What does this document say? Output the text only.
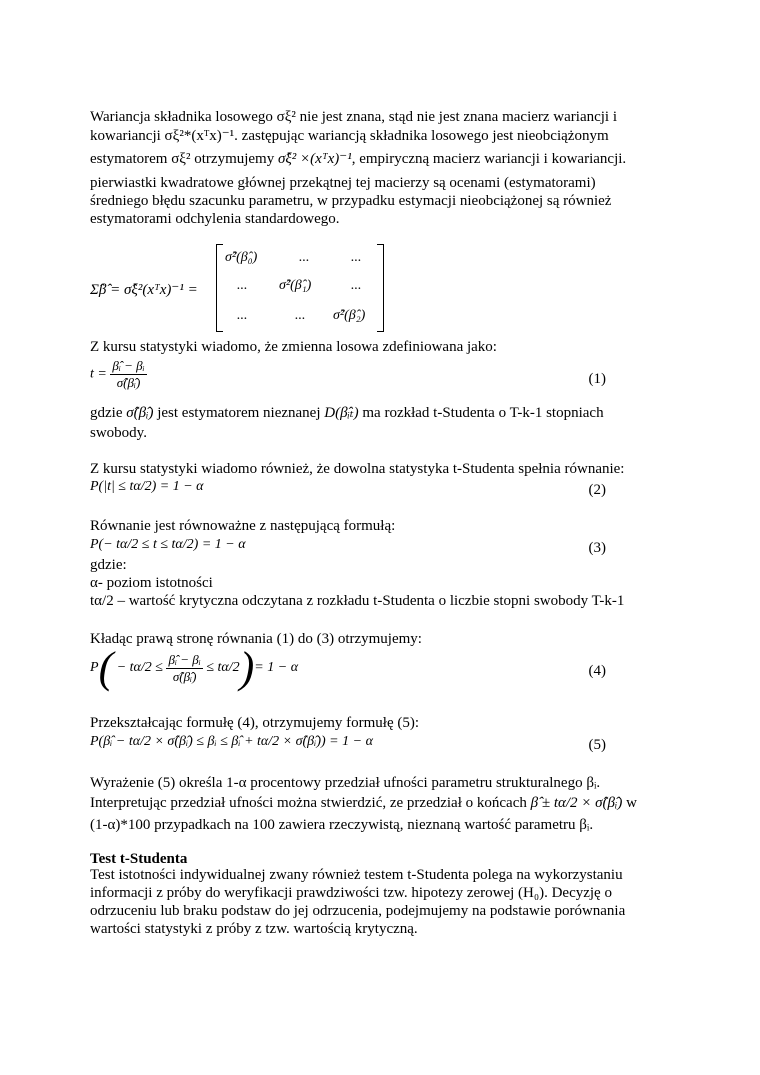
Wariancja składnika losowego σξ² nie jest znana, stąd nie jest znana macierz wariancji i
kowariancji σξ²*(xᵀx)⁻¹. zastępując wariancją składnika losowego jest nieobciążonym
estymatorem σξ² otrzymujemy σ̂ξ² ×(xᵀx)⁻¹, empiryczną macierz wariancji i kowariancji.
pierwiastki kwadratowe głównej przekątnej tej macierzy są ocenami (estymatorami)
średniego błędu szacunku parametru, w przypadku estymacji nieobciążonej są również
estymatorami odchylenia standardowego.
Σ̂β̂ = σ̂ξ²(xᵀx)⁻¹ =
σ̂²(β̂₀)	...	...
... σ̂²(β̂₁)	...
...	... σ̂²(β̂₂)
Z kursu statystyki wiadomo, że zmienna losowa zdefiniowana jako:
$t = \frac{\text{β̂ᵢ − βᵢ}}{\text{σ̂(β̂ᵢ)}}$	(1)
gdzie σ̂(β̂ᵢ) jest estymatorem nieznanej D(β̂ᵢₜ) ma rozkład t-Studenta o T-k-1 stopniach
swobody.
Z kursu statystyki wiadomo również, że dowolna statystyka t-Studenta spełnia równanie:
P(|t| ≤ tα/2) = 1 − α	(2)
Równanie jest równoważne z następującą formułą:
P(− tα/2 ≤ t ≤ tα/2) = 1 − α	(3)
gdzie:
α- poziom istotności
tα/2 – wartość krytyczna odczytana z rozkładu t-Studenta o liczbie stopni swobody T-k-1
Kładąc prawą stronę równania (1) do (3) otrzymujemy:
$P( - t\alpha/2 \le \frac{\text{β̂ᵢ − βᵢ}}{\text{σ̂(β̂ᵢ)}} \le t\alpha/2)= 1 - \alpha$	(4)
Przekształcając formułę (4), otrzymujemy formułę (5):
P(β̂ᵢ − tα/2 × σ̂(β̂ᵢ) ≤ βᵢ ≤ β̂ᵢ + tα/2 × σ̂(β̂ᵢ)) = 1 − α	(5)
Wyrażenie (5) określa 1-α procentowy przedział ufności parametru strukturalnego βᵢ.
Interpretując przedział ufności można stwierdzić, ze przedział o końcach β̂ ± tα/2 × σ̂(β̂ᵢ) w
(1-α)*100 przypadkach na 100 zawiera rzeczywistą, nieznaną wartość parametru βᵢ.
Test t-Studenta
Test istotności indywidualnej zwany również testem t-Studenta polega na wykorzystaniu
informacji z próby do weryfikacji prawdziwości tzw. hipotezy zerowej (H₀). Decyzję o
odrzuceniu lub braku podstaw do jej odrzucenia, podejmujemy na podstawie porównania
wartości statystyki z próby z tzw. wartością krytyczną.
